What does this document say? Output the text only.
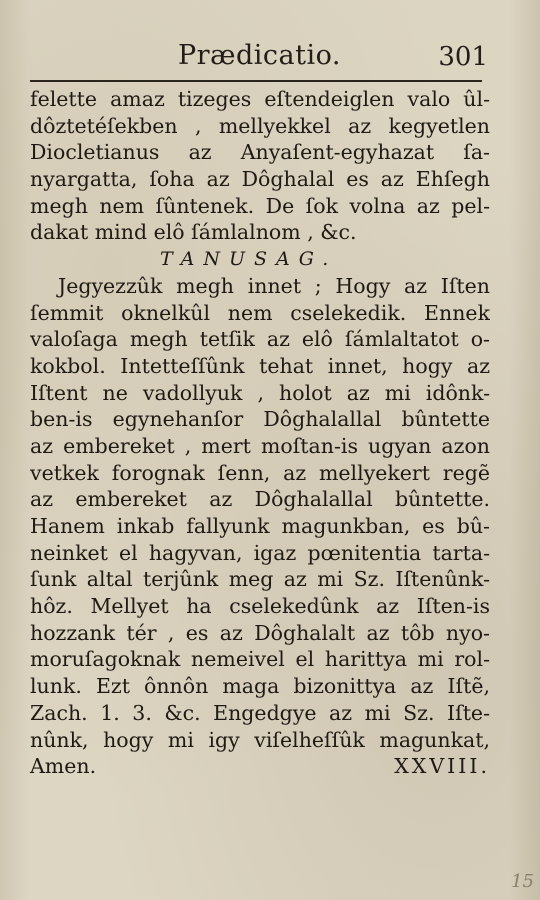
Prædicatio.	301
felette amaz tizeges eſtendeiglen valo ûl-
dôztetéſekben , mellyekkel az kegyetlen
Diocletianus az Anyaſent-egyhazat ſa-
nyargatta, ſoha az Dôghalal es az Ehſegh
megh nem ſûntenek. De ſok volna az pel-
dakat mind elô ſámlalnom , &c.
TANUSAG.
Jegyezzûk megh innet ; Hogy az Iſten
ſemmit oknelkûl nem cselekedik. Ennek
valoſaga megh tetſik az elô ſámlaltatot o-
kokbol. Intetteſſûnk tehat innet, hogy az
Iſtent ne vadollyuk , holot az mi idônk-
ben-is egynehanſor Dôghalallal bûntette
az embereket , mert moſtan-is ugyan azon
vetkek forognak ſenn, az mellyekert regẽ
az embereket az Dôghalallal bûntette.
Hanem inkab fallyunk magunkban, es bû-
neinket el hagyvan, igaz pœnitentia tarta-
ſunk altal terjûnk meg az mi Sz. Iſtenûnk-
hôz. Mellyet ha cselekedûnk az Iſten-is
hozzank tér , es az Dôghalalt az tôb nyo-
moruſagoknak nemeivel el harittya mi rol-
lunk. Ezt ônnôn maga bizonittya az Iſtẽ,
Zach. 1. 3. &c. Engedgye az mi Sz. Iſte-
nûnk, hogy mi igy viſelheſſûk magunkat,
Amen.	XXVIII.
15
